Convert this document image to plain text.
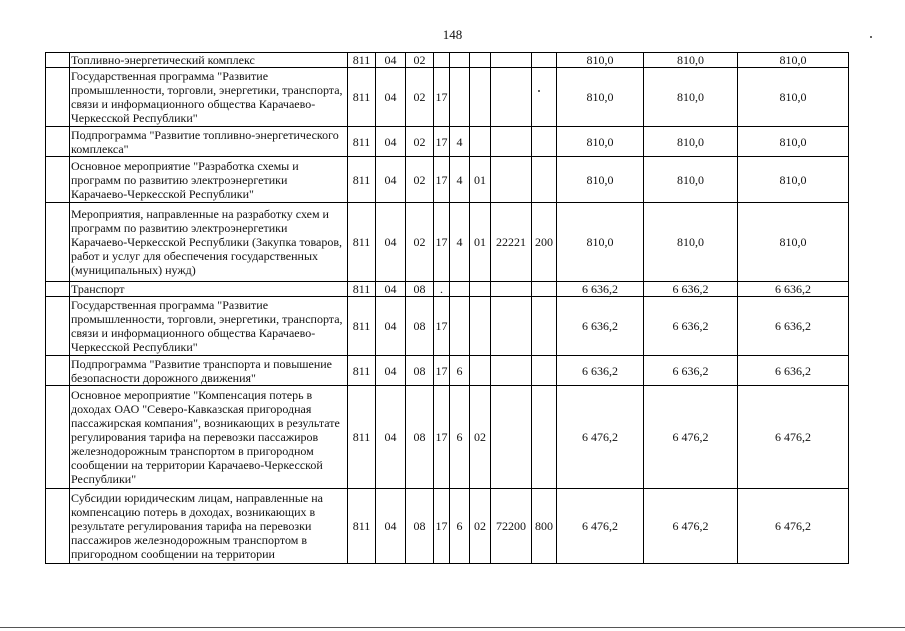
148
	Топливно-энергетический комплекс	811	04	02						810,0	810,0	810,0
	Государственная программа "Развитие промышленности, торговли, энергетики, транспорта, связи и информационного общества Карачаево-Черкесской Республики"	811	04	02	17					810,0	810,0	810,0
	Подпрограмма "Развитие топливно-энергетического комплекса"	811	04	02	17	4				810,0	810,0	810,0
	Основное мероприятие "Разработка схемы и программ по развитию электроэнергетики Карачаево-Черкесской Республики"	811	04	02	17	4	01			810,0	810,0	810,0
	Мероприятия, направленные на разработку схем и программ по развитию электроэнергетики Карачаево-Черкесской Республики (Закупка товаров, работ и услуг для обеспечения государственных (муниципальных) нужд)	811	04	02	17	4	01	22221	200	810,0	810,0	810,0
	Транспорт	811	04	08	.					6 636,2	6 636,2	6 636,2
	Государственная программа "Развитие промышленности, торговли, энергетики, транспорта, связи и информационного общества Карачаево-Черкесской Республики"	811	04	08	17					6 636,2	6 636,2	6 636,2
	Подпрограмма "Развитие транспорта и повышение безопасности дорожного движения"	811	04	08	17	6				6 636,2	6 636,2	6 636,2
	Основное мероприятие "Компенсация потерь в доходах ОАО "Северо-Кавказская пригородная пассажирская компания", возникающих в результате регулирования тарифа на перевозки пассажиров железнодорожным транспортом в пригородном сообщении на территории Карачаево-Черкесской Республики"	811	04	08	17	6	02			6 476,2	6 476,2	6 476,2
	Субсидии юридическим лицам, направленные на компенсацию потерь в доходах, возникающих в результате регулирования тарифа на перевозки пассажиров железнодорожным транспортом в пригородном сообщении на территории	811	04	08	17	6	02	72200	800	6 476,2	6 476,2	6 476,2
